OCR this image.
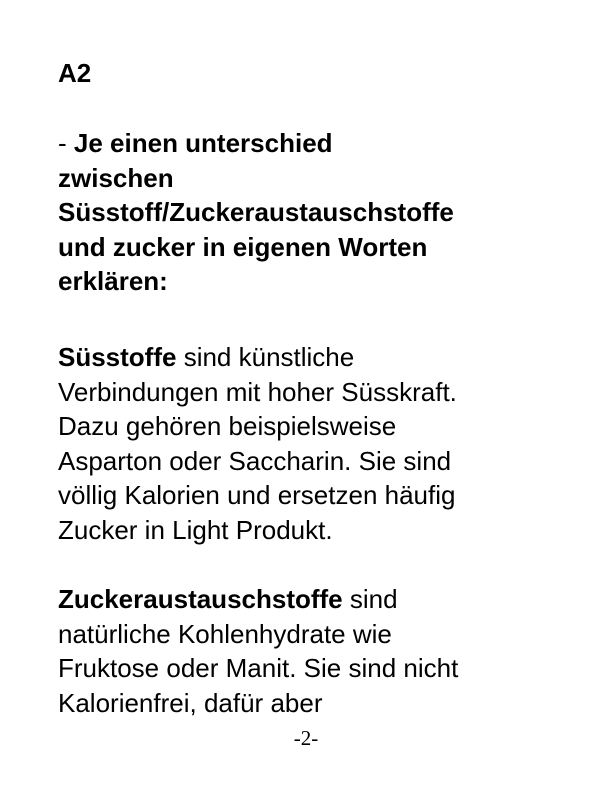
A2

- Je einen unterschied
zwischen
Süsstoff/Zuckeraustauschstoffe
und zucker in eigenen Worten
erklären:

Süsstoffe sind künstliche
Verbindungen mit hoher Süsskraft.
Dazu gehören beispielsweise
Asparton oder Saccharin. Sie sind
völlig Kalorien und ersetzen häufig
Zucker in Light Produkt.

Zuckeraustauschstoffe sind
natürliche Kohlenhydrate wie
Fruktose oder Manit. Sie sind nicht
Kalorienfrei, dafür aber

-2-
